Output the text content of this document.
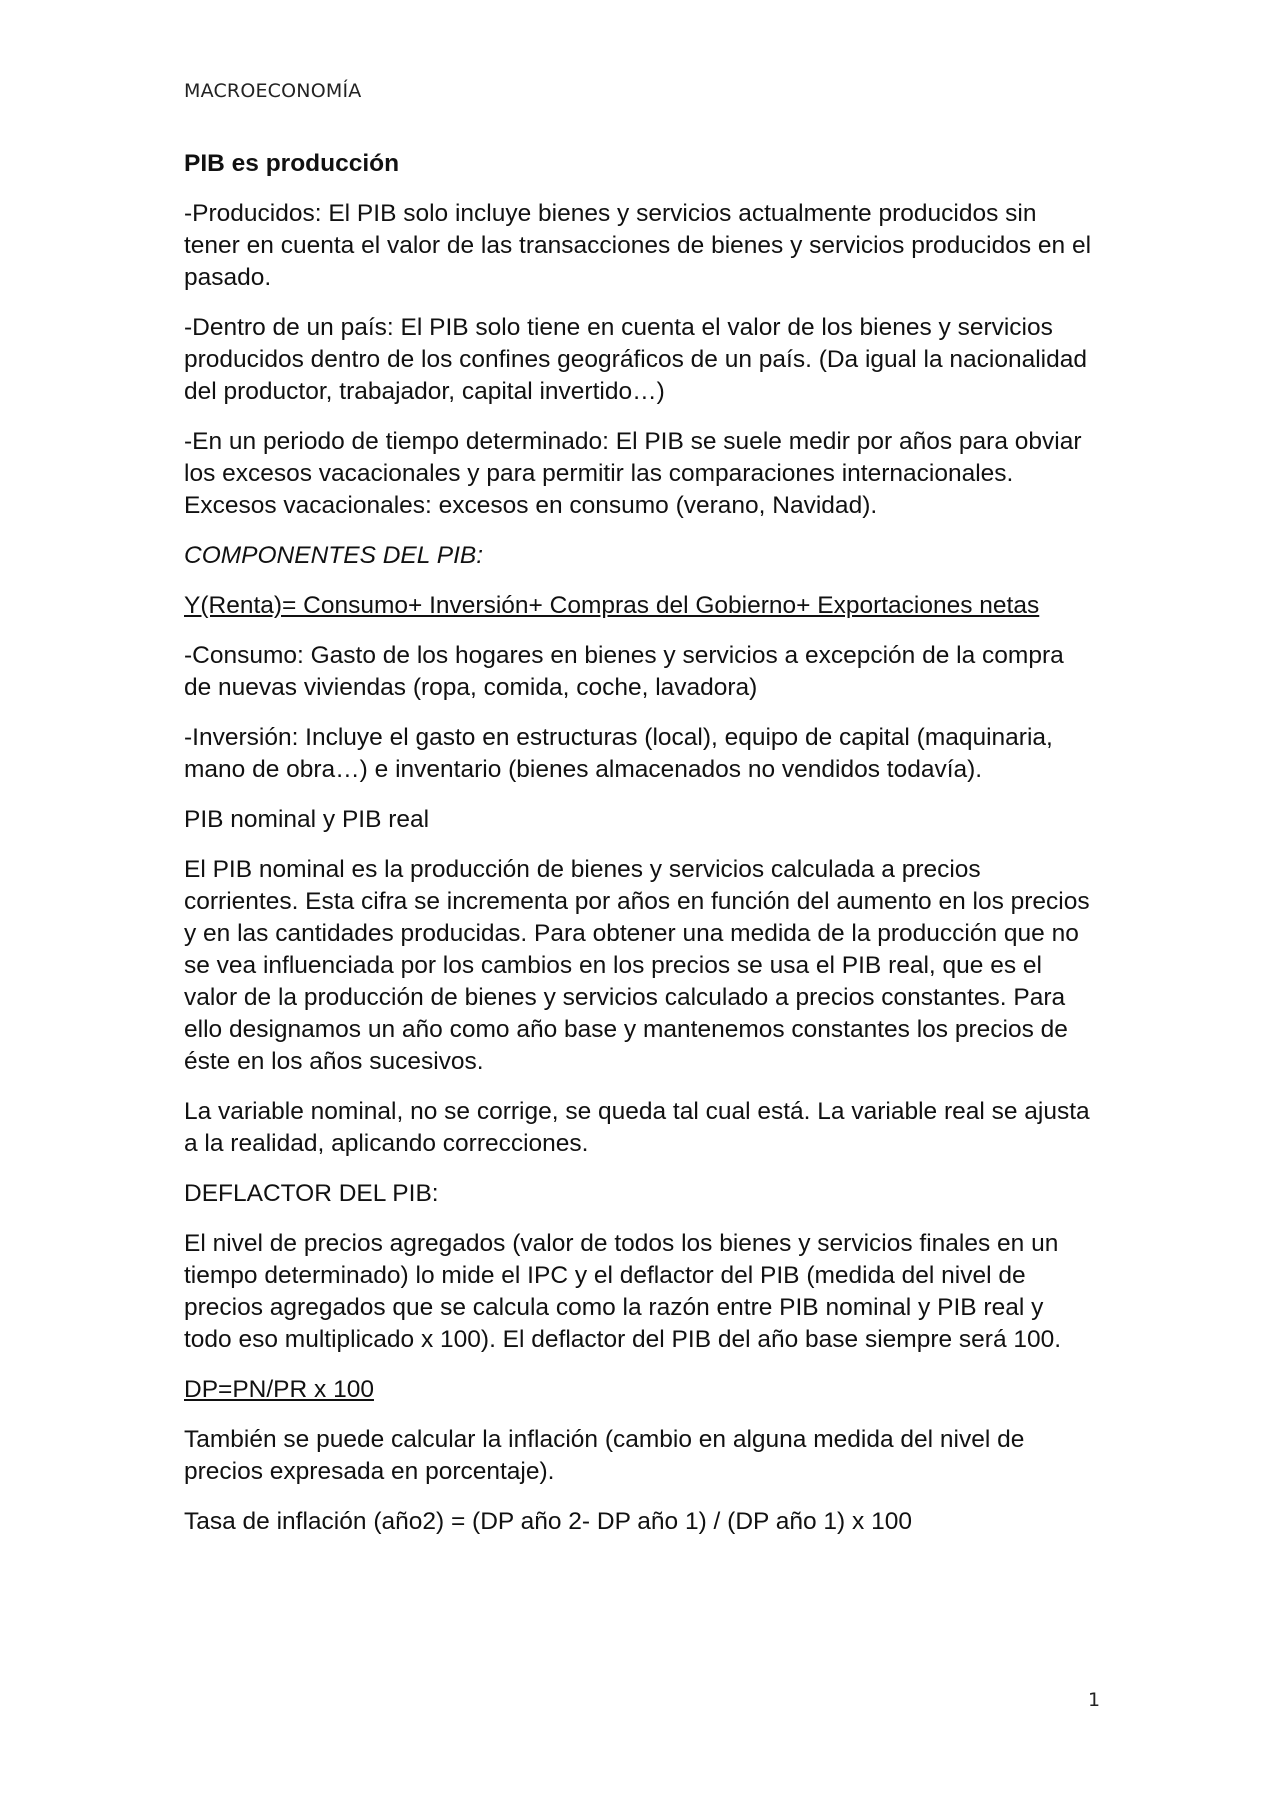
MACROECONOMÍA

PIB es producción

-Producidos: El PIB solo incluye bienes y servicios actualmente producidos sin tener en cuenta el valor de las transacciones de bienes y servicios producidos en el pasado.

-Dentro de un país: El PIB solo tiene en cuenta el valor de los bienes y servicios producidos dentro de los confines geográficos de un país. (Da igual la nacionalidad del productor, trabajador, capital invertido…)

-En un periodo de tiempo determinado: El PIB se suele medir por años para obviar los excesos vacacionales y para permitir las comparaciones internacionales. Excesos vacacionales: excesos en consumo (verano, Navidad).

COMPONENTES DEL PIB:

Y(Renta)= Consumo+ Inversión+ Compras del Gobierno+ Exportaciones netas

-Consumo: Gasto de los hogares en bienes y servicios a excepción de la compra de nuevas viviendas (ropa, comida, coche, lavadora)

-Inversión: Incluye el gasto en estructuras (local), equipo de capital (maquinaria, mano de obra…) e inventario (bienes almacenados no vendidos todavía).

PIB nominal y PIB real

El PIB nominal es la producción de bienes y servicios calculada a precios corrientes. Esta cifra se incrementa por años en función del aumento en los precios y en las cantidades producidas. Para obtener una medida de la producción que no se vea influenciada por los cambios en los precios se usa el PIB real, que es el valor de la producción de bienes y servicios calculado a precios constantes. Para ello designamos un año como año base y mantenemos constantes los precios de éste en los años sucesivos.

La variable nominal, no se corrige, se queda tal cual está. La variable real se ajusta a la realidad, aplicando correcciones.

DEFLACTOR DEL PIB:

El nivel de precios agregados (valor de todos los bienes y servicios finales en un tiempo determinado) lo mide el IPC y el deflactor del PIB (medida del nivel de precios agregados que se calcula como la razón entre PIB nominal y PIB real y todo eso multiplicado x 100). El deflactor del PIB del año base siempre será 100.

DP=PN/PR x 100

También se puede calcular la inflación (cambio en alguna medida del nivel de precios expresada en porcentaje).

Tasa de inflación (año2) = (DP año 2- DP año 1) / (DP año 1) x 100

1
